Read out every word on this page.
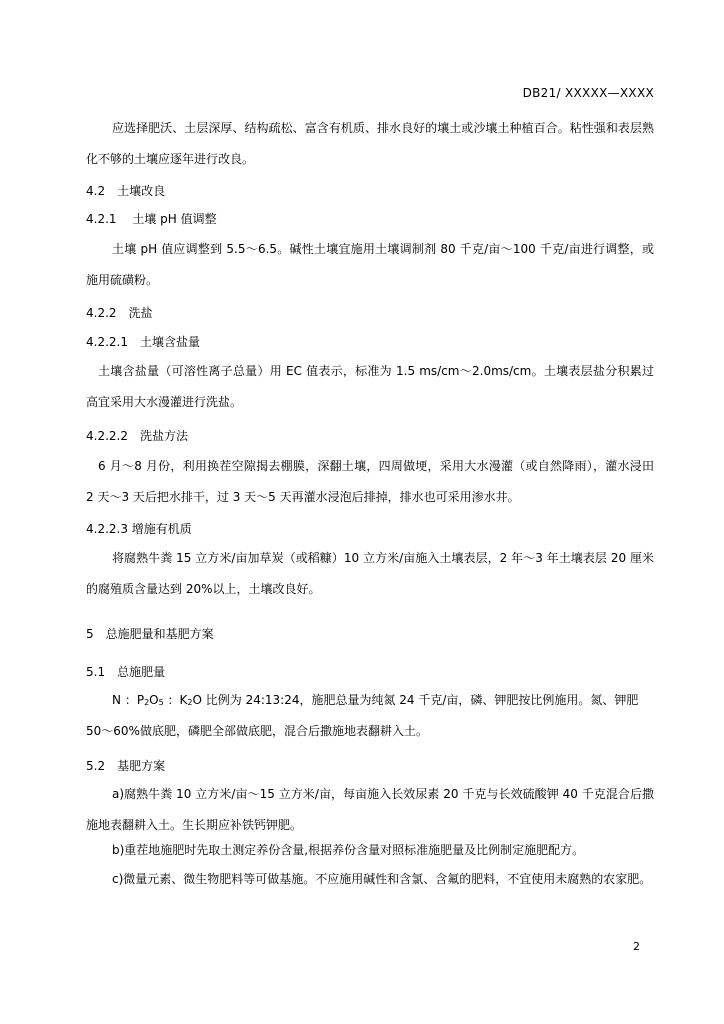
DB21/ XXXXX—XXXX
应选择肥沃、土层深厚、结构疏松、富含有机质、排水良好的壤土或沙壤土种植百合。粘性强和表层熟化不够的土壤应逐年进行改良。
4.2　土壤改良
4.2.1　 土壤 pH 值调整
土壤 pH 值应调整到 5.5～6.5。碱性土壤宜施用土壤调制剂 80 千克/亩～100 千克/亩进行调整，或施用硫磺粉。
4.2.2　洗盐
4.2.2.1　土壤含盐量
土壤含盐量（可溶性离子总量）用 EC 值表示，标准为 1.5 ms/cm～2.0ms/cm。土壤表层盐分积累过高宜采用大水漫灌进行洗盐。
4.2.2.2　洗盐方法
6 月～8 月份，利用换茬空隙揭去棚膜，深翻土壤，四周做埂，采用大水漫灌（或自然降雨），灌水浸田 2 天～3 天后把水排干，过 3 天～5 天再灌水浸泡后排掉，排水也可采用渗水井。
4.2.2.3 增施有机质
将腐熟牛粪 15 立方米/亩加草炭（或稻糠）10 立方米/亩施入土壤表层，2 年～3 年土壤表层 20 厘米的腐殖质含量达到 20%以上，土壤改良好。
5　总施肥量和基肥方案
5.1　总施肥量
N ：$P_2O_5$ ：$K_2O$ 比例为 24:13:24，施肥总量为纯氮 24 千克/亩，磷、钾肥按比例施用。氮、钾肥
50～60%做底肥，磷肥全部做底肥，混合后撒施地表翻耕入土。
5.2　基肥方案
a)腐熟牛粪 10 立方米/亩～15 立方米/亩，每亩施入长效尿素 20 千克与长效硫酸钾 40 千克混合后撒施地表翻耕入土。生长期应补铁钙钾肥。
b)重茬地施肥时先取土测定养份含量,根据养份含量对照标准施肥量及比例制定施肥配方。
c)微量元素、微生物肥料等可做基施。不应施用碱性和含氯、含氟的肥料，不宜使用未腐熟的农家肥。
2
